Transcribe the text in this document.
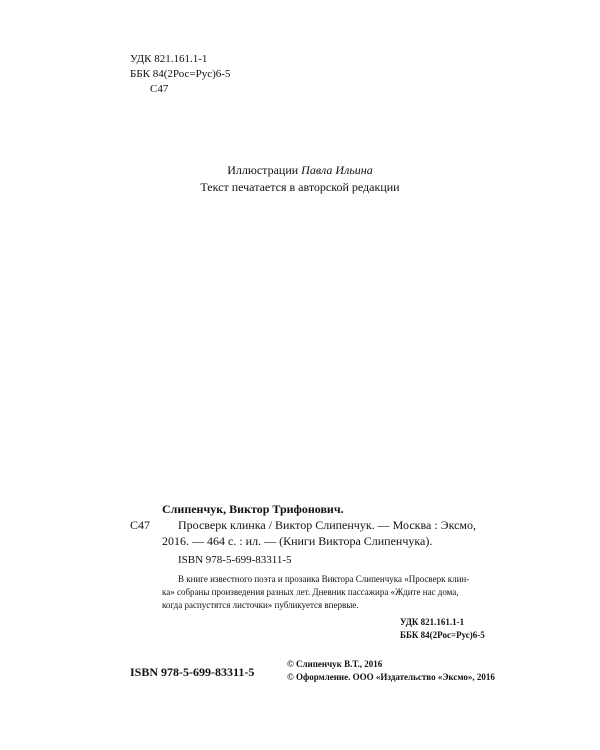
УДК 821.161.1-1
ББК 84(2Рос=Рус)6-5
С47
Иллюстрации Павла Ильина
Текст печатается в авторской редакции
Слипенчук, Виктор Трифонович.
С47 Просверк клинка / Виктор Слипенчук. — Москва : Эксмо,
2016. — 464 с. : ил. — (Книги Виктора Слипенчука).
ISBN 978-5-699-83311-5
В книге известного поэта и прозаика Виктора Слипенчука «Просверк клин-
ка» собраны произведения разных лет. Дневник пассажира «Ждите нас дома,
когда распустятся листочки» публикуется впервые.
УДК 821.161.1-1
ББК 84(2Рос=Рус)6-5
ISBN 978-5-699-83311-5
© Слипенчук В.Т., 2016
© Оформление. ООО «Издательство «Эксмо», 2016
